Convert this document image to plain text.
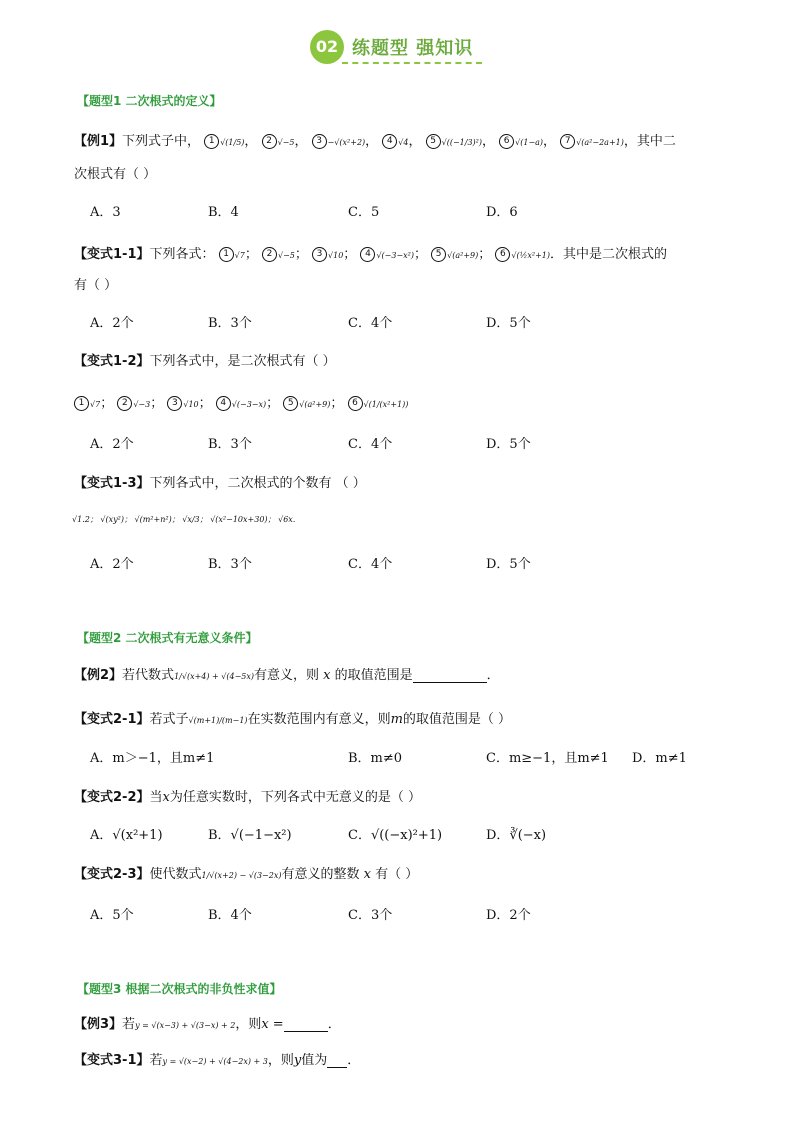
02 练题型 强知识
【题型1 二次根式的定义】
【例1】下列式子中， 1 √(1/5)， 2 √−5， 3 −√(x²+2)， 4 √4， 5 √((−1/3)²)， 6 √(1−a)， 7 √(a²−2a+1)，其中二
次根式有（ ）
A．3	B．4	C．5	D．6
【变式1-1】下列各式： 1 √7； 2 √−5； 3 √10； 4 √(−3−x²)； 5 √(a²+9)； 6 √(½x²+1)．其中是二次根式的
有（ ）
A．2个	B．3个	C．4个	D．5个
【变式1-2】下列各式中，是二次根式有（ ）
1 √7； 2 √−3； 3 √10； 4 √(−3−x)； 5 √(a²+9)； 6 √(1/(x²+1))
A．2个	B．3个	C．4个	D．5个
【变式1-3】下列各式中，二次根式的个数有 （ ）
√1.2； √(xy²)； √(m²+n²)； √x/3； √(x²−10x+30)； √6x．
A．2个	B．3个	C．4个	D．5个
【题型2 二次根式有无意义条件】
【例2】若代数式1/√(x+4) + √(4−5x)有意义，则 x 的取值范围是	．
【变式2-1】若式子√(m+1)/(m−1)在实数范围内有意义，则m的取值范围是（ ）
A．m＞−1，且m≠1	B．m≠0	C．m≥−1，且m≠1 D．m≠1
【变式2-2】当x为任意实数时，下列各式中无意义的是（ ）
A．√(x²+1)	B．√(−1−x²)	C．√((−x)²+1)	D．∛(−x)
【变式2-3】使代数式1/√(x+2) − √(3−2x)有意义的整数 x 有（ ）
A．5个	B．4个	C．3个	D．2个
【题型3 根据二次根式的非负性求值】
【例3】若y = √(x−3) + √(3−x) + 2，则x =	．
【变式3-1】若y = √(x−2) + √(4−2x) + 3，则y值为 ．
